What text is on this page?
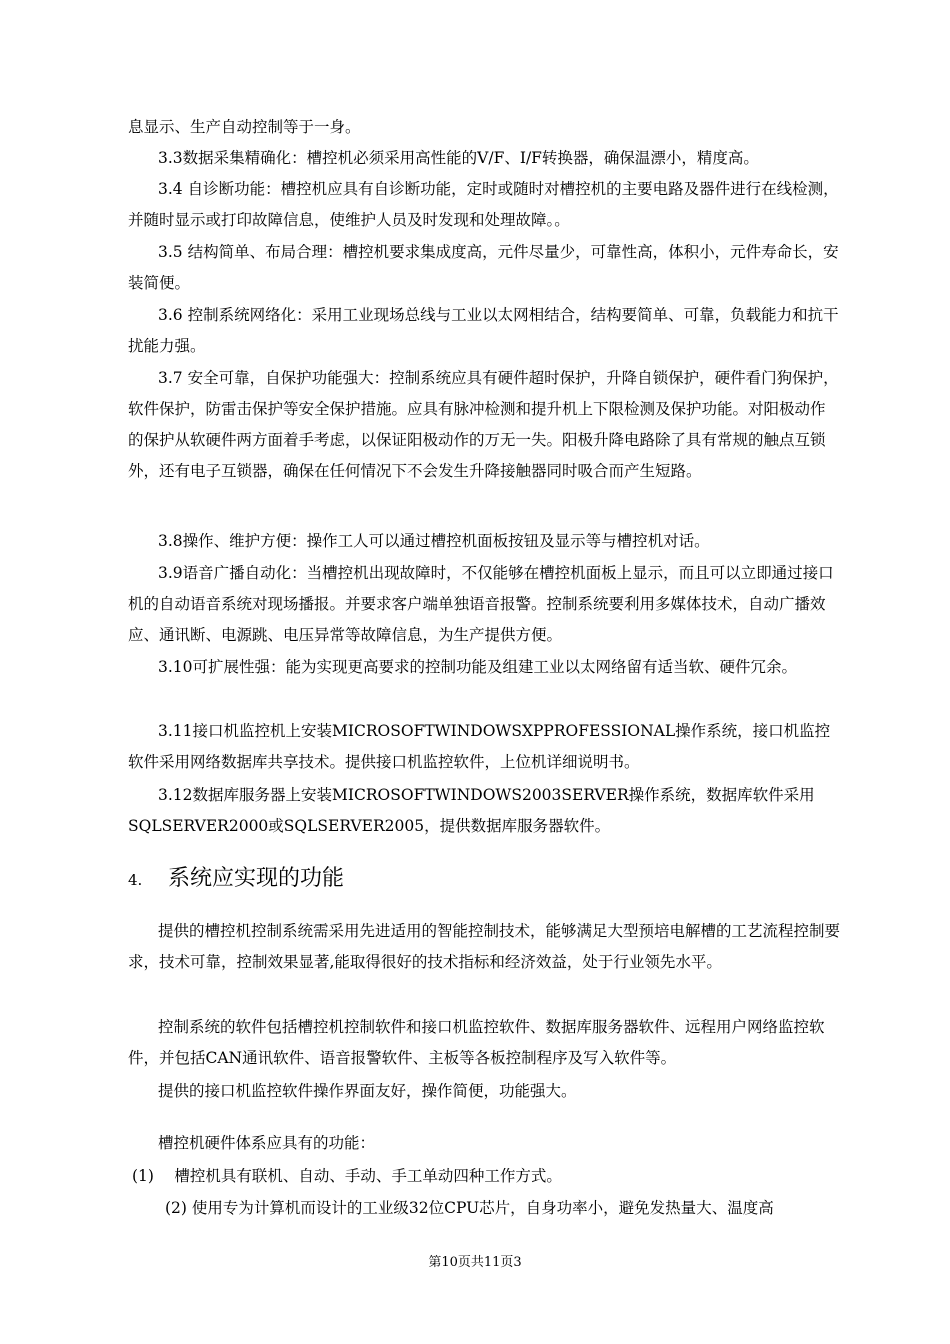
息显示、生产自动控制等于一身。

3.3数据采集精确化：槽控机必须采用高性能的V/F、I/F转换器，确保温漂小，精度高。

3.4 自诊断功能：槽控机应具有自诊断功能，定时或随时对槽控机的主要电路及器件进行在线检测，并随时显示或打印故障信息，使维护人员及时发现和处理故障。。

3.5 结构简单、布局合理：槽控机要求集成度高，元件尽量少，可靠性高，体积小，元件寿命长，安装简便。

3.6 控制系统网络化：采用工业现场总线与工业以太网相结合，结构要简单、可靠，负载能力和抗干扰能力强。

3.7 安全可靠，自保护功能强大：控制系统应具有硬件超时保护，升降自锁保护，硬件看门狗保护，软件保护，防雷击保护等安全保护措施。应具有脉冲检测和提升机上下限检测及保护功能。对阳极动作的保护从软硬件两方面着手考虑，以保证阳极动作的万无一失。阳极升降电路除了具有常规的触点互锁外，还有电子互锁器，确保在任何情况下不会发生升降接触器同时吸合而产生短路。

3.8操作、维护方便：操作工人可以通过槽控机面板按钮及显示等与槽控机对话。

3.9语音广播自动化：当槽控机出现故障时，不仅能够在槽控机面板上显示，而且可以立即通过接口机的自动语音系统对现场播报。并要求客户端单独语音报警。控制系统要利用多媒体技术，自动广播效应、通讯断、电源跳、电压异常等故障信息，为生产提供方便。

3.10可扩展性强：能为实现更高要求的控制功能及组建工业以太网络留有适当软、硬件冗余。

3.11接口机监控机上安装MICROSOFTWINDOWSXPPROFESSIONAL操作系统，接口机监控软件采用网络数据库共享技术。提供接口机监控软件，上位机详细说明书。

3.12数据库服务器上安装MICROSOFTWINDOWS2003SERVER操作系统，数据库软件采用SQLSERVER2000或SQLSERVER2005，提供数据库服务器软件。

4. 系统应实现的功能

提供的槽控机控制系统需采用先进适用的智能控制技术，能够满足大型预培电解槽的工艺流程控制要求，技术可靠，控制效果显著,能取得很好的技术指标和经济效益，处于行业领先水平。

控制系统的软件包括槽控机控制软件和接口机监控软件、数据库服务器软件、远程用户网络监控软件，并包括CAN通讯软件、语音报警软件、主板等各板控制程序及写入软件等。

提供的接口机监控软件操作界面友好，操作简便，功能强大。

槽控机硬件体系应具有的功能：

(1)　 槽控机具有联机、自动、手动、手工单动四种工作方式。

(2) 使用专为计算机而设计的工业级32位CPU芯片，自身功率小，避免发热量大、温度高

第10页共11页3
